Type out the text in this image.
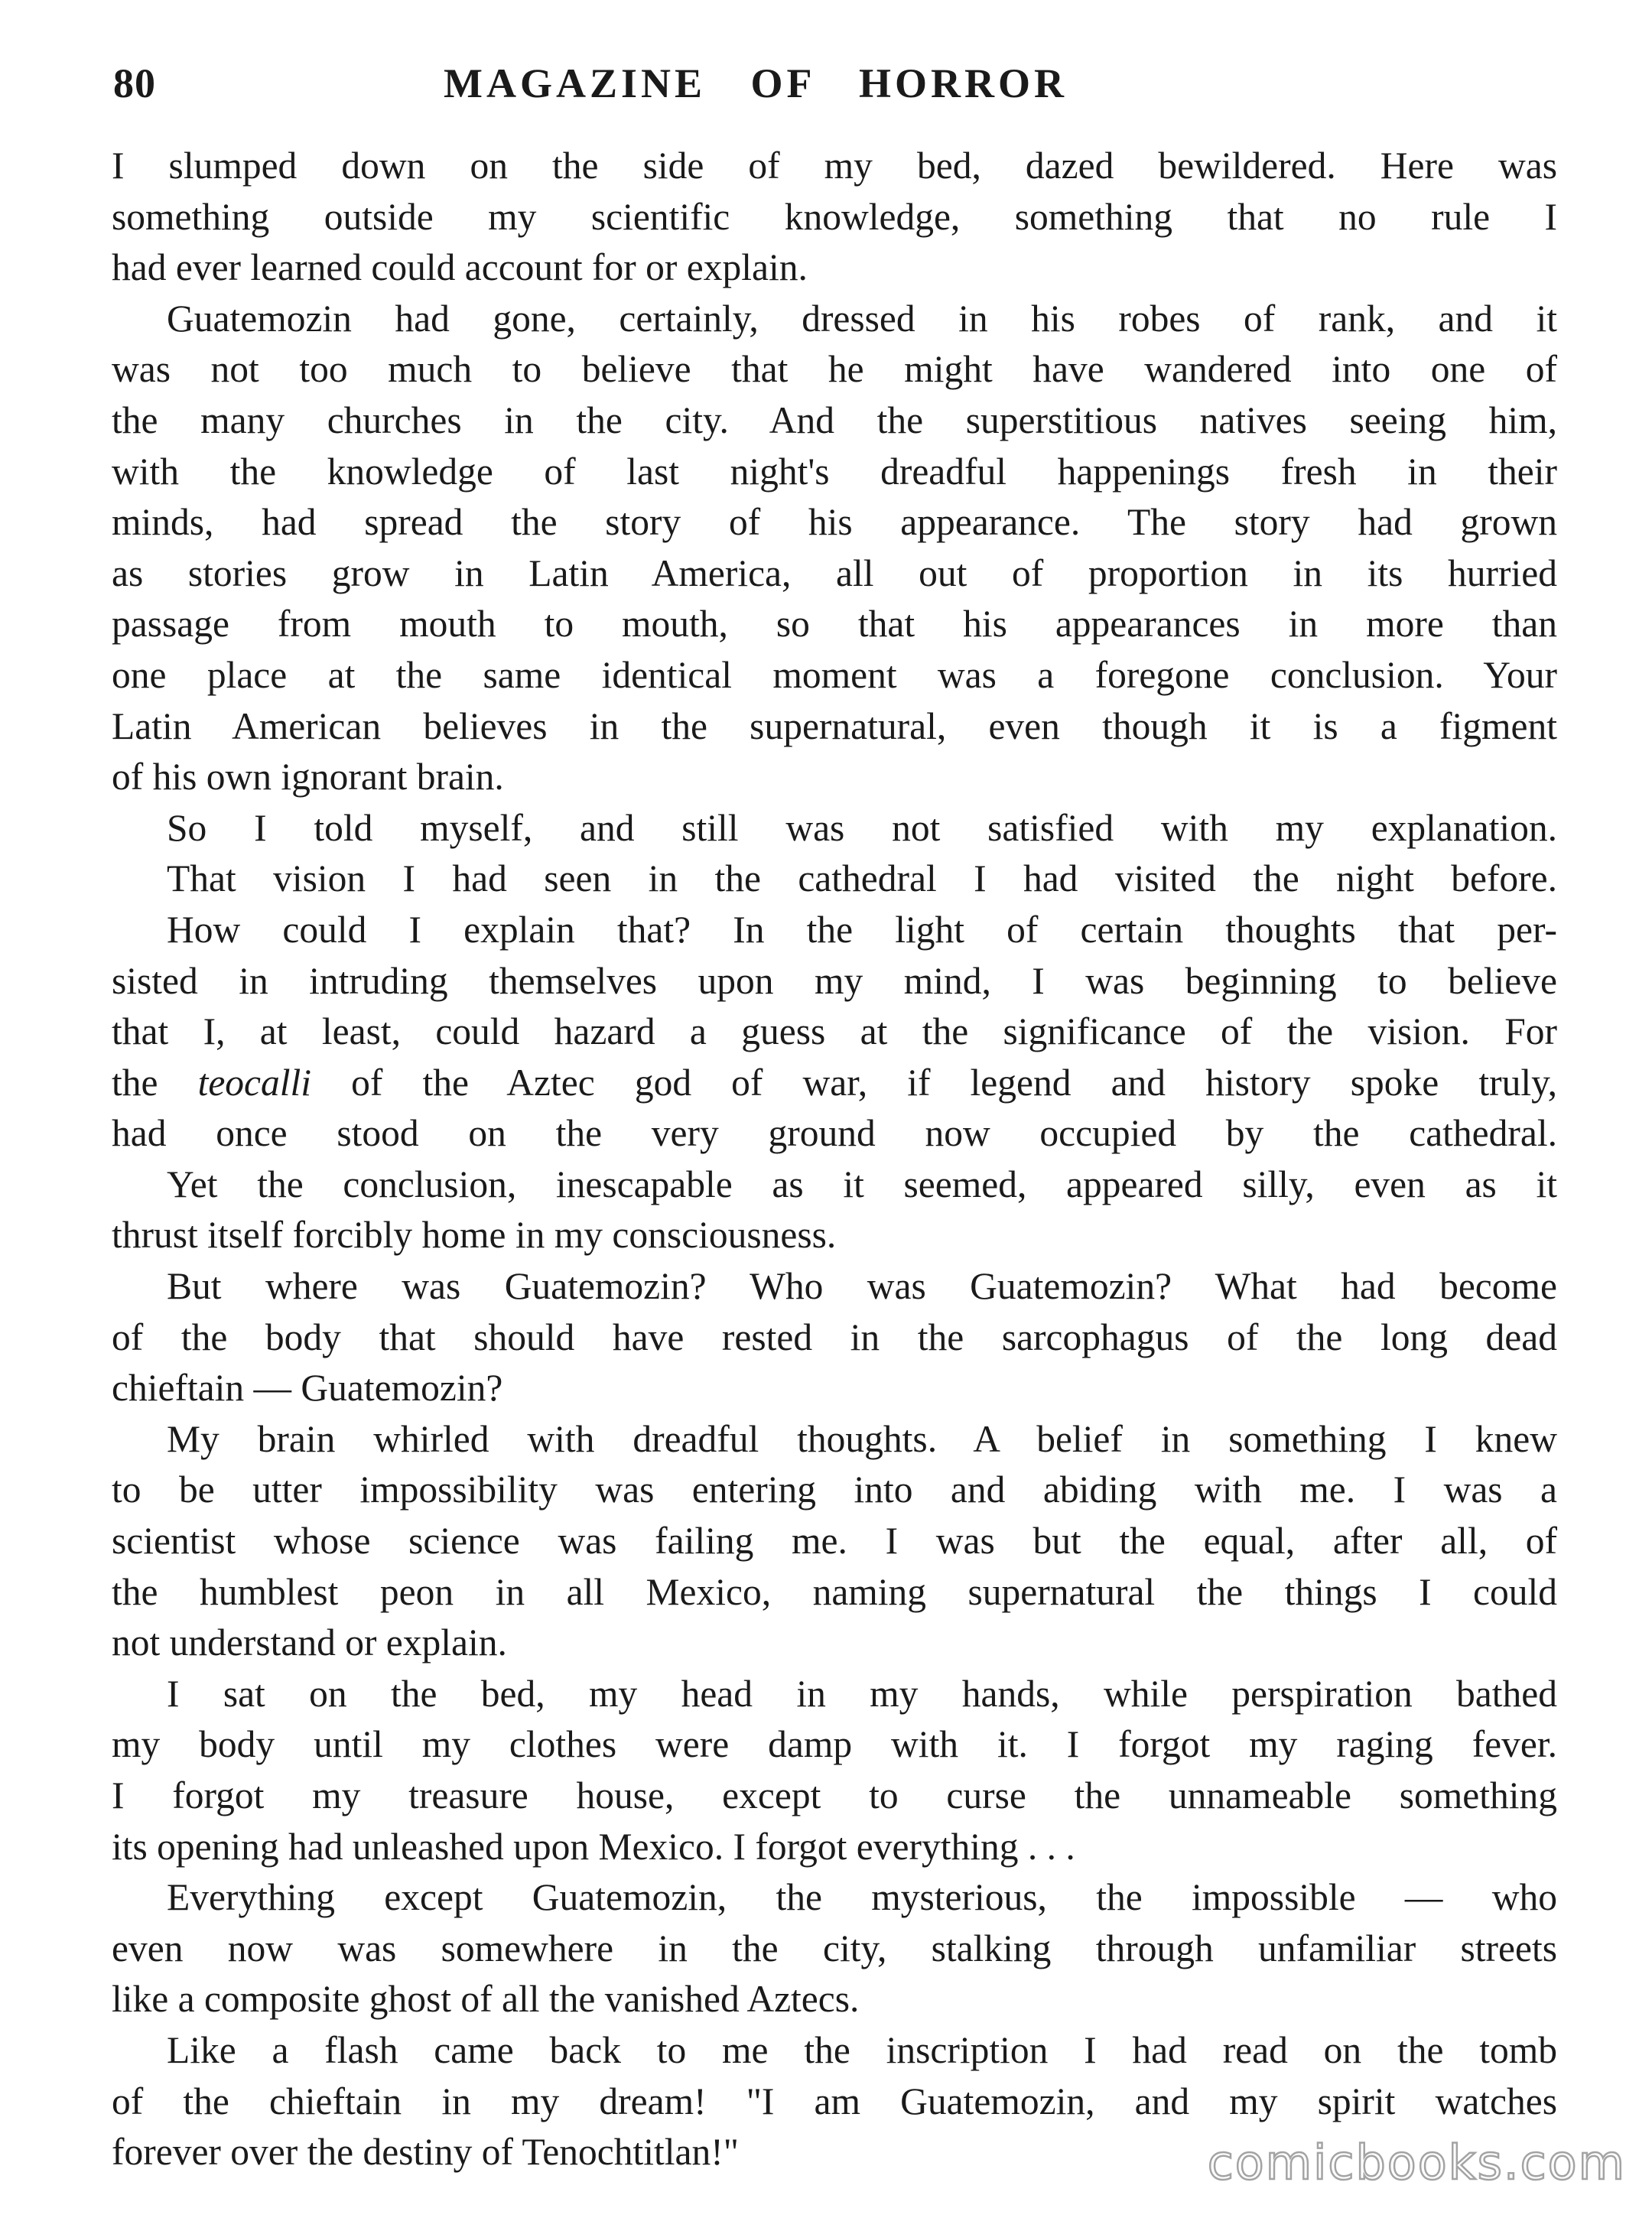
80	MAGAZINE OF HORROR
I slumped down on the side of my bed, dazed bewildered. Here was
something outside my scientific knowledge, something that no rule I
had ever learned could account for or explain.
Guatemozin had gone, certainly, dressed in his robes of rank, and it
was not too much to believe that he might have wandered into one of
the many churches in the city. And the superstitious natives seeing him,
with the knowledge of last night's dreadful happenings fresh in their
minds, had spread the story of his appearance. The story had grown
as stories grow in Latin America, all out of proportion in its hurried
passage from mouth to mouth, so that his appearances in more than
one place at the same identical moment was a foregone conclusion. Your
Latin American believes in the supernatural, even though it is a figment
of his own ignorant brain.
So I told myself, and still was not satisfied with my explanation.
That vision I had seen in the cathedral I had visited the night before.
How could I explain that? In the light of certain thoughts that per-
sisted in intruding themselves upon my mind, I was beginning to believe
that I, at least, could hazard a guess at the significance of the vision. For
the teocalli of the Aztec god of war, if legend and history spoke truly,
had once stood on the very ground now occupied by the cathedral.
Yet the conclusion, inescapable as it seemed, appeared silly, even as it
thrust itself forcibly home in my consciousness.
But where was Guatemozin? Who was Guatemozin? What had become
of the body that should have rested in the sarcophagus of the long dead
chieftain — Guatemozin?
My brain whirled with dreadful thoughts. A belief in something I knew
to be utter impossibility was entering into and abiding with me. I was a
scientist whose science was failing me. I was but the equal, after all, of
the humblest peon in all Mexico, naming supernatural the things I could
not understand or explain.
I sat on the bed, my head in my hands, while perspiration bathed
my body until my clothes were damp with it. I forgot my raging fever.
I forgot my treasure house, except to curse the unnameable something
its opening had unleashed upon Mexico. I forgot everything . . .
Everything except Guatemozin, the mysterious, the impossible — who
even now was somewhere in the city, stalking through unfamiliar streets
like a composite ghost of all the vanished Aztecs.
Like a flash came back to me the inscription I had read on the tomb
of the chieftain in my dream! "I am Guatemozin, and my spirit watches
forever over the destiny of Tenochtitlan!"	comicbooks.com
